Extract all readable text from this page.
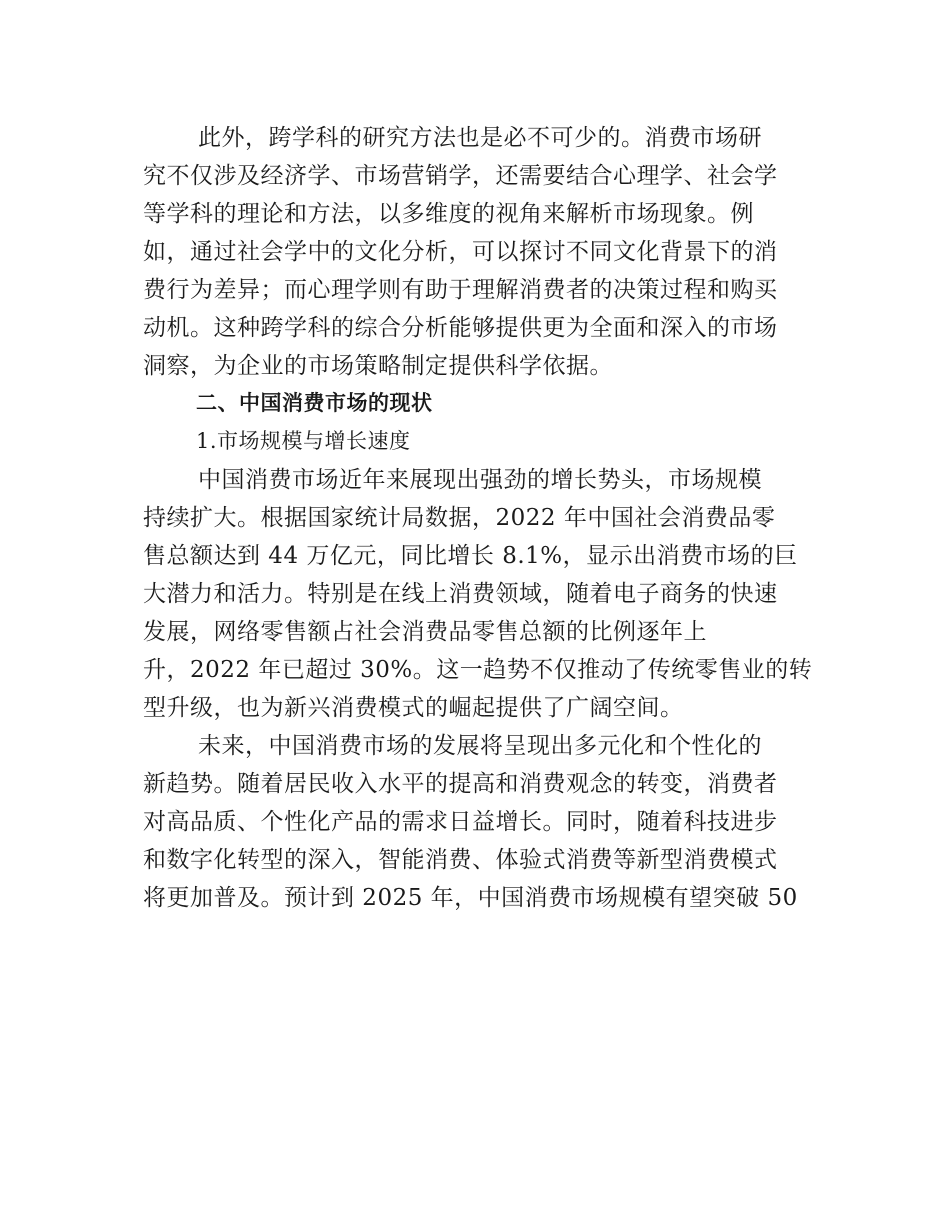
此外，跨学科的研究方法也是必不可少的。消费市场研
究不仅涉及经济学、市场营销学，还需要结合心理学、社会学
等学科的理论和方法，以多维度的视角来解析市场现象。例
如，通过社会学中的文化分析，可以探讨不同文化背景下的消
费行为差异；而心理学则有助于理解消费者的决策过程和购买
动机。这种跨学科的综合分析能够提供更为全面和深入的市场
洞察，为企业的市场策略制定提供科学依据。
二、中国消费市场的现状
1.市场规模与增长速度
中国消费市场近年来展现出强劲的增长势头，市场规模
持续扩大。根据国家统计局数据，2022 年中国社会消费品零
售总额达到 44 万亿元，同比增长 8.1%，显示出消费市场的巨
大潜力和活力。特别是在线上消费领域，随着电子商务的快速
发展，网络零售额占社会消费品零售总额的比例逐年上
升，2022 年已超过 30%。这一趋势不仅推动了传统零售业的转
型升级，也为新兴消费模式的崛起提供了广阔空间。
未来，中国消费市场的发展将呈现出多元化和个性化的
新趋势。随着居民收入水平的提高和消费观念的转变，消费者
对高品质、个性化产品的需求日益增长。同时，随着科技进步
和数字化转型的深入，智能消费、体验式消费等新型消费模式
将更加普及。预计到 2025 年，中国消费市场规模有望突破 50
